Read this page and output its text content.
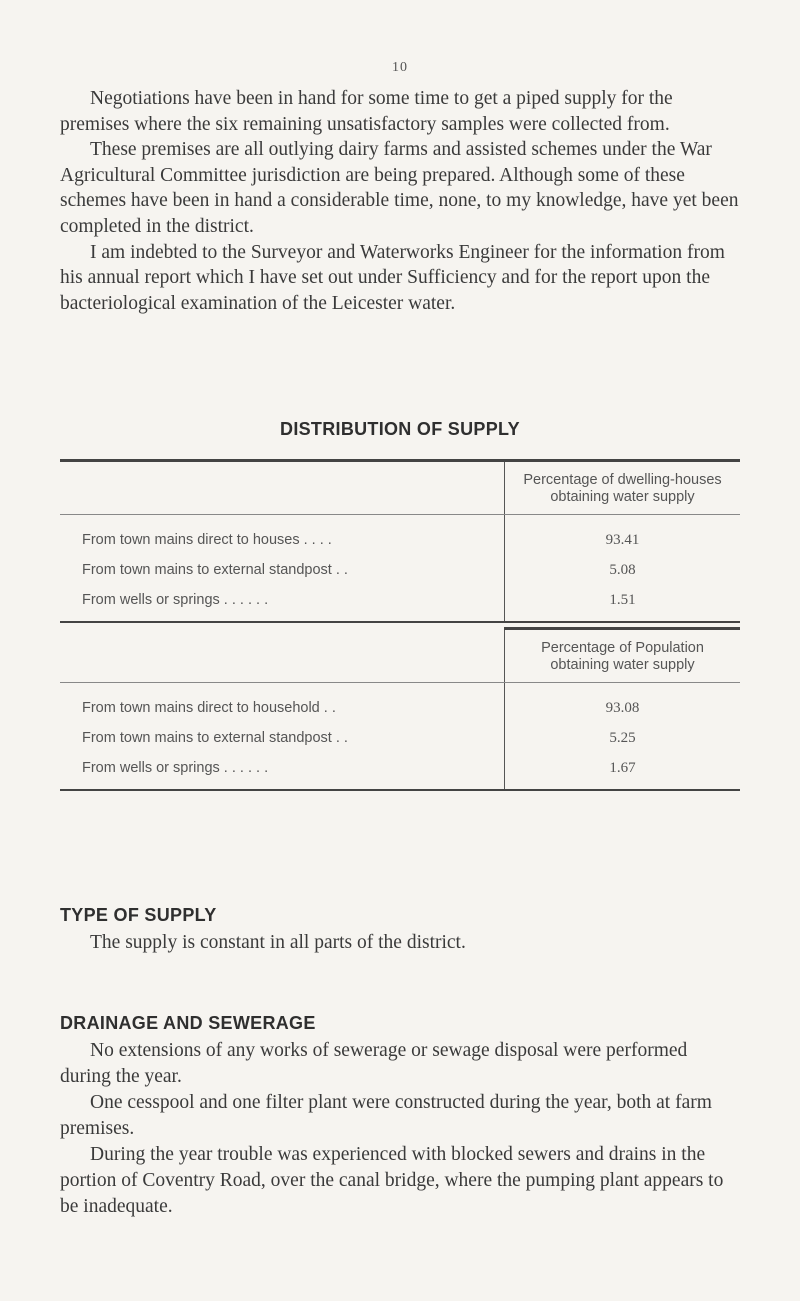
10

Negotiations have been in hand for some time to get a piped supply for the premises where the six remaining unsatisfactory samples were collected from.

These premises are all outlying dairy farms and assisted schemes under the War Agricultural Committee jurisdiction are being prepared. Although some of these schemes have been in hand a considerable time, none, to my knowledge, have yet been completed in the district.

I am indebted to the Surveyor and Waterworks Engineer for the information from his annual report which I have set out under Sufficiency and for the report upon the bacteriological examination of the Leicester water.

DISTRIBUTION OF SUPPLY
	Percentage of dwelling-houses obtaining water supply
From town mains direct to houses . . . .	93.41
From town mains to external standpost . .	5.08
From wells or springs . . . . . .	1.51
	Percentage of Population obtaining water supply
From town mains direct to household . .	93.08
From town mains to external standpost . .	5.25
From wells or springs . . . . . .	1.67
TYPE OF SUPPLY

The supply is constant in all parts of the district.

DRAINAGE AND SEWERAGE

No extensions of any works of sewerage or sewage disposal were performed during the year.

One cesspool and one filter plant were constructed during the year, both at farm premises.

During the year trouble was experienced with blocked sewers and drains in the portion of Coventry Road, over the canal bridge, where the pumping plant appears to be inadequate.
